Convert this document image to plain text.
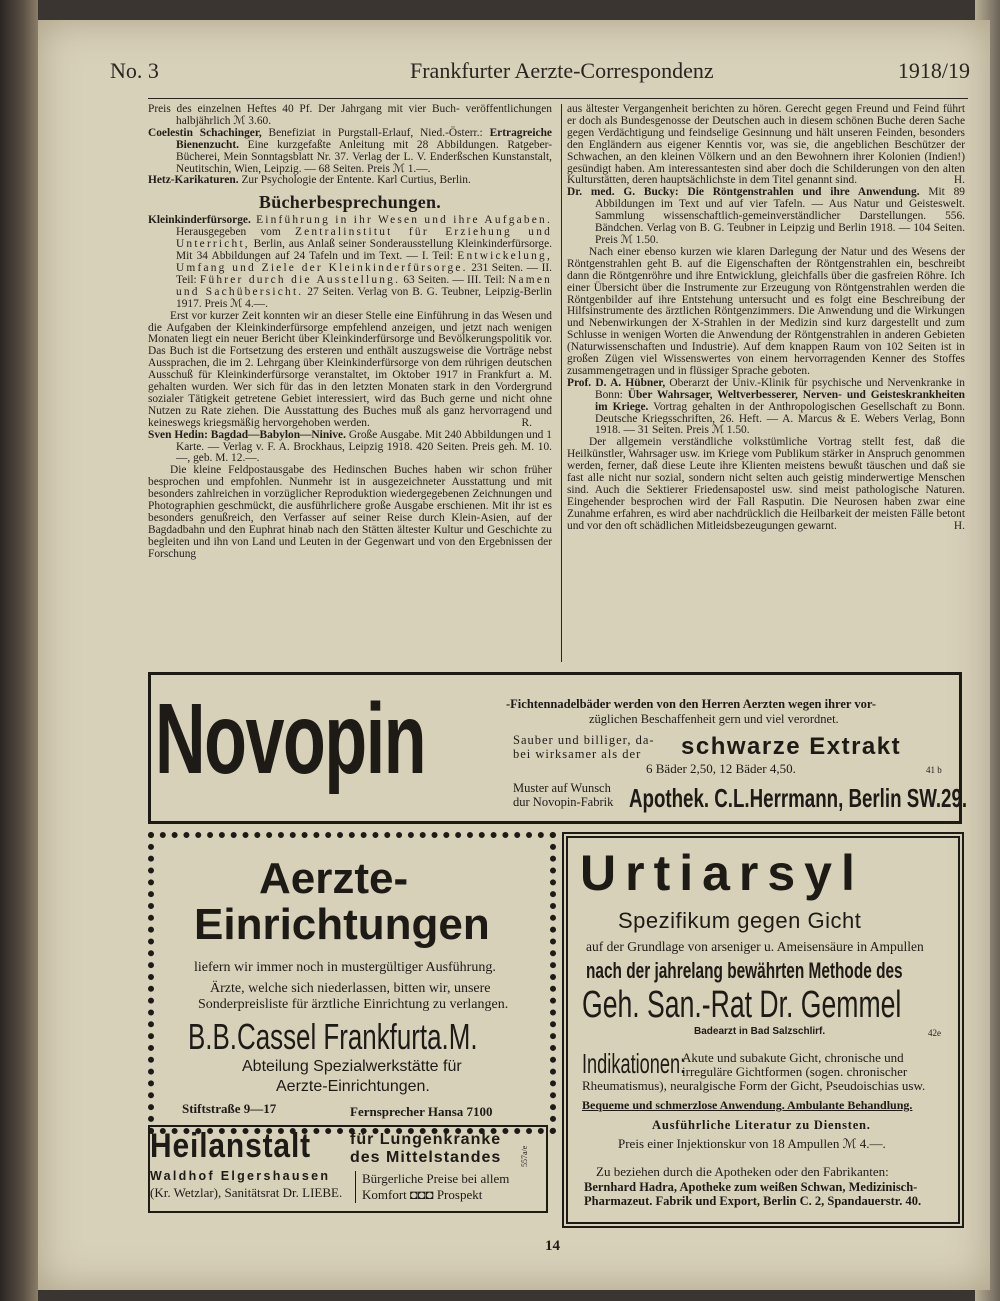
No. 3	Frankfurter Aerzte-Correspondenz	1918/19

Preis des einzelnen Heftes 40 Pf. Der Jahrgang mit vier Buch- veröffentlichungen halbjährlich ℳ 3.60.

Coelestin Schachinger, Benefiziat in Purgstall-Erlauf, Nied.-Österr.: Ertragreiche Bienenzucht. Eine kurzgefaßte Anleitung mit 28 Abbildungen. Ratgeber-Bücherei, Mein Sonntagsblatt Nr. 37. Verlag der L. V. Enderßschen Kunstanstalt, Neutitschin, Wien, Leipzig. — 68 Seiten. Preis ℳ 1.—.

Hetz-Karikaturen. Zur Psychologie der Entente. Karl Curtius, Berlin.

Bücherbesprechungen.

Kleinkinderfürsorge. Einführung in ihr Wesen und ihre Aufgaben. Herausgegeben vom Zentralinstitut für Erziehung und Unterricht, Berlin, aus Anlaß seiner Sonderausstellung Kleinkinderfürsorge. Mit 34 Abbildungen auf 24 Tafeln und im Text. — I. Teil: Entwickelung, Umfang und Ziele der Kleinkinderfürsorge. 231 Seiten. — II. Teil: Führer durch die Ausstellung. 63 Seiten. — III. Teil: Namen und Sachübersicht. 27 Seiten. Verlag von B. G. Teubner, Leipzig-Berlin 1917. Preis ℳ 4.—.

Erst vor kurzer Zeit konnten wir an dieser Stelle eine Einführung in das Wesen und die Aufgaben der Kleinkinderfürsorge empfehlend anzeigen, und jetzt nach wenigen Monaten liegt ein neuer Bericht über Kleinkinderfürsorge und Bevölkerungspolitik vor. Das Buch ist die Fortsetzung des ersteren und enthält auszugsweise die Vorträge nebst Aussprachen, die im 2. Lehrgang über Kleinkinderfürsorge von dem rührigen deutschen Ausschuß für Kleinkinderfürsorge veranstaltet, im Oktober 1917 in Frankfurt a. M. gehalten wurden. Wer sich für das in den letzten Monaten stark in den Vordergrund sozialer Tätigkeit getretene Gebiet interessiert, wird das Buch gerne und nicht ohne Nutzen zu Rate ziehen. Die Ausstattung des Buches muß als ganz hervorragend und keineswegs kriegsmäßig hervorgehoben werden.	R.

Sven Hedin: Bagdad—Babylon—Ninive. Große Ausgabe. Mit 240 Abbildungen und 1 Karte. — Verlag v. F. A. Brockhaus, Leipzig 1918. 420 Seiten. Preis geh. M. 10.—, geb. M. 12.—.

Die kleine Feldpostausgabe des Hedinschen Buches haben wir schon früher besprochen und empfohlen. Nunmehr ist in ausgezeichneter Ausstattung und mit besonders zahlreichen in vorzüglicher Reproduktion wiedergegebenen Zeichnungen und Photographien geschmückt, die ausführlichere große Ausgabe erschienen. Mit ihr ist es besonders genußreich, den Verfasser auf seiner Reise durch Klein-Asien, auf der Bagdadbahn und den Euphrat hinab nach den Stätten ältester Kultur und Geschichte zu begleiten und ihn von Land und Leuten in der Gegenwart und von den Ergebnissen der Forschung

aus ältester Vergangenheit berichten zu hören. Gerecht gegen Freund und Feind führt er doch als Bundesgenosse der Deutschen auch in diesem schönen Buche deren Sache gegen Verdächtigung und feindselige Gesinnung und hält unseren Feinden, besonders den Engländern aus eigener Kenntis vor, was sie, die angeblichen Beschützer der Schwachen, an den kleinen Völkern und an den Bewohnern ihrer Kolonien (Indien!) gesündigt haben. Am interessantesten sind aber doch die Schilderungen von den alten Kulturstätten, deren hauptsächlichste in dem Titel genannt sind.	H.

Dr. med. G. Bucky: Die Röntgenstrahlen und ihre Anwendung. Mit 89 Abbildungen im Text und auf vier Tafeln. — Aus Natur und Geisteswelt. Sammlung wissenschaftlich-gemeinverständlicher Darstellungen. 556. Bändchen. Verlag von B. G. Teubner in Leipzig und Berlin 1918. — 104 Seiten. Preis ℳ 1.50.

Nach einer ebenso kurzen wie klaren Darlegung der Natur und des Wesens der Röntgenstrahlen geht B. auf die Eigenschaften der Röntgenstrahlen ein, beschreibt dann die Röntgenröhre und ihre Entwicklung, gleichfalls über die gasfreien Röhre. Ich einer Übersicht über die Instrumente zur Erzeugung von Röntgenstrahlen werden die Röntgenbilder auf ihre Entstehung untersucht und es folgt eine Beschreibung der Hilfsinstrumente des ärztlichen Röntgenzimmers. Die Anwendung und die Wirkungen und Nebenwirkungen der X-Strahlen in der Medizin sind kurz dargestellt und zum Schlusse in wenigen Worten die Anwendung der Röntgenstrahlen in anderen Gebieten (Naturwissenschaften und Industrie). Auf dem knappen Raum von 102 Seiten ist in großen Zügen viel Wissenswertes von einem hervorragenden Kenner des Stoffes zusammengetragen und in flüssiger Sprache geboten.

Prof. D. A. Hübner, Oberarzt der Univ.-Klinik für psychische und Nervenkranke in Bonn: Über Wahrsager, Weltverbesserer, Nerven- und Geisteskrankheiten im Kriege. Vortrag gehalten in der Anthropologischen Gesellschaft zu Bonn. Deutsche Kriegsschriften, 26. Heft. — A. Marcus & E. Webers Verlag, Bonn 1918. — 31 Seiten. Preis ℳ 1.50.

Der allgemein verständliche volkstümliche Vortrag stellt fest, daß die Heilkünstler, Wahrsager usw. im Kriege vom Publikum stärker in Anspruch genommen werden, ferner, daß diese Leute ihre Klienten meistens bewußt täuschen und daß sie fast alle nicht nur sozial, sondern nicht selten auch geistig minderwertige Menschen sind. Auch die Sektierer Friedensapostel usw. sind meist pathologische Naturen. Eingehender besprochen wird der Fall Rasputin. Die Neurosen haben zwar eine Zunahme erfahren, es wird aber nachdrücklich die Heilbarkeit der meisten Fälle betont und vor den oft schädlichen Mitleidsbezeugungen gewarnt.	H.

Novopin	-Fichtennadelbäder werden von den Herren Aerzten wegen ihrer vor-
züglichen Beschaffenheit gern und viel verordnet.
Sauber und billiger, da-
bei wirksamer als der schwarze Extrakt
6 Bäder 2,50, 12 Bäder 4,50.	41 b
Muster auf Wunsch
dur Novopin-Fabrik Apothek. C.L.Herrmann, Berlin SW.29.
Aerzte-
Einrichtungen
liefern wir immer noch in mustergültiger Ausführung.
Ärzte, welche sich niederlassen, bitten wir, unsere
Sonderpreisliste für ärztliche Einrichtung zu verlangen.
B.B.Cassel Frankfurta.M.
Abteilung Spezialwerkstätte für
Aerzte-Einrichtungen.
Stiftstraße 9—17	Fernsprecher Hansa 7100
Heilanstalt für Lungenkranke
des Mittelstandes 557a/e
Waldhof Elgershausen
(Kr. Wetzlar), Sanitätsrat Dr. LIEBE.
Bürgerliche Preise bei allem
Komfort ◘◘◘ Prospekt
Urtiarsyl
Spezifikum gegen Gicht
auf der Grundlage von arseniger u. Ameisensäure in Ampullen
nach der jahrelang bewährten Methode des
Geh. San.-Rat Dr. Gemmel
Badearzt in Bad Salzschlirf.	42e
Indikationen:
Akute und subakute Gicht, chronische und
irreguläre Gichtformen (sogen. chronischer
Rheumatismus), neuralgische Form der Gicht, Pseudoischias usw.
Bequeme und schmerzlose Anwendung. Ambulante Behandlung.
Ausführliche Literatur zu Diensten.
Preis einer Injektionskur von 18 Ampullen ℳ 4.—.
Zu beziehen durch die Apotheken oder den Fabrikanten:
Bernhard Hadra, Apotheke zum weißen Schwan, Medizinisch-
Pharmazeut. Fabrik und Export, Berlin C. 2, Spandauerstr. 40.
14
